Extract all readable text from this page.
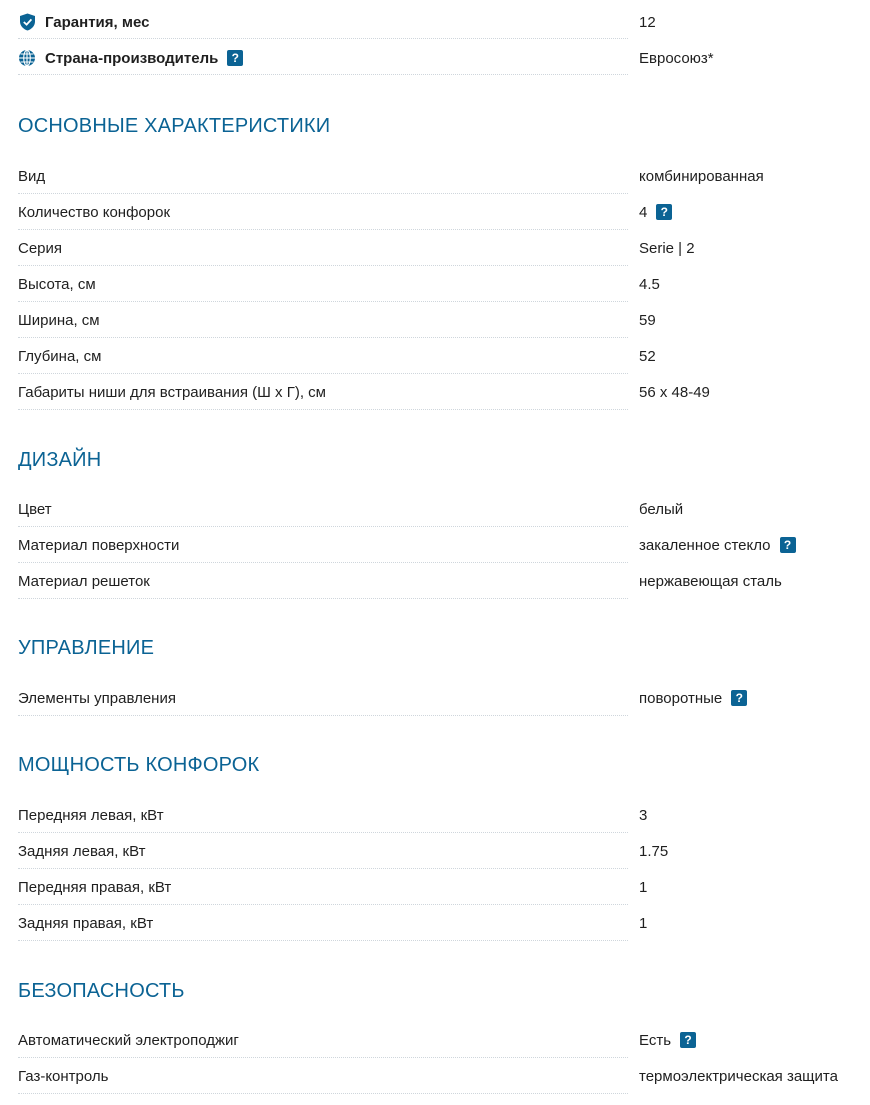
Гарантия, мес	12
Страна-производитель	?	Евросоюз*
ОСНОВНЫЕ ХАРАКТЕРИСТИКИ
Вид	комбинированная
Количество конфорок	4	?
Серия	Serie | 2
Высота, см	4.5
Ширина, см	59
Глубина, см	52
Габариты ниши для встраивания (Ш х Г), см	56 х 48-49
ДИЗАЙН
Цвет	белый
Материал поверхности	закаленное стекло	?
Материал решеток	нержавеющая сталь
УПРАВЛЕНИЕ
Элементы управления	поворотные	?
МОЩНОСТЬ КОНФОРОК
Передняя левая, кВт	3
Задняя левая, кВт	1.75
Передняя правая, кВт	1
Задняя правая, кВт	1
БЕЗОПАСНОСТЬ
Автоматический электроподжиг	Есть	?
Газ-контроль	термоэлектрическая защита
